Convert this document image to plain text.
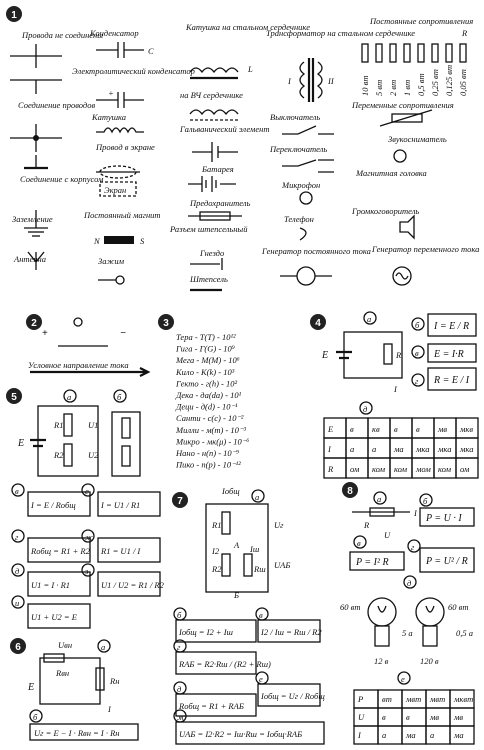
1
Провода не соединены
Соединение проводов
Соединение с корпусом
Заземление
Антенна
Конденсатор
C
Электролитический конденсатор
+
Катушка
Провод в экране
Экран
Постоянный магнит
N	S
Зажим
Катушка на стальном сердечнике
L
на ВЧ сердечнике
Гальванический элемент
Батарея
Предохранитель
Разъем штепсельный
Гнездо
Штепсель
Трансформатор на стальном сердечнике
I	II
Выключатель
Переключатель
Микрофон
Телефон
Генератор постоянного тока
Постоянные сопротивления
R
10 вт 5 вт 2 вт 1 вт 0,5 вт 0,25 вт 0,125 вт 0,05 вт
Переменные сопротивления
Звукосниматель
Магнитная головка
Громкоговоритель
Генератор переменного тока
2
+	−
Условное направление тока
3
Тера - Т(Т) - 10¹²
Гига - Г(G) - 10⁹
Мега - М(M) - 10⁶
Кило - К(k) - 10³
Гекто - г(h) - 10²
Дека - да(da) - 10¹
Деци - д(d) - 10⁻¹
Санти - с(с) - 10⁻²
Милли - м(m) - 10⁻³
Микро - мк(μ) - 10⁻⁶
Нано - н(n) - 10⁻⁹
Пико - п(p) - 10⁻¹²
4	а
R
E
I
б I = E / R
в E = I·R
г R = E / I
д
E в кв в в мв мкв
I а а ма мка мка мка
R ом ком ком мом ком ом
5	а	б
R1
R2
U1
U2
E
в
I = E / Rобщ
е
I = U1 / R1
г
Rобщ = R1 + R2
ж
R1 = U1 / I
д
U1 = I · R1
з
U1 / U2 = R1 / R2
и
U1 + U2 = E
6	а
Uвн
Rвн
Rн
E
I
б
Uг = E − I · Rвн = I · Rн
7
Iобщ
а
R1
R2	Rш
I2	Iш
Uг
UАБ
А
Б
б
Iобщ = I2 + Iш
в
I2 / Iш = Rш / R2
г
RАБ = R2·Rш / (R2 + Rш)
е
Iобщ = Uг / Rобщ
д
Rобщ = R1 + RАБ
ж
UАБ = I2·R2 = Iш·Rш = Iобщ·RАБ
8
а
R
U
I
б
P = U · I
в
P = I² R
г
P = U² / R
д
60 вт
5 а
12 в
60 вт
0,5 а
120 в
е
P вт мвт мвт мквт
U в в мв мв
I а ма а ма
